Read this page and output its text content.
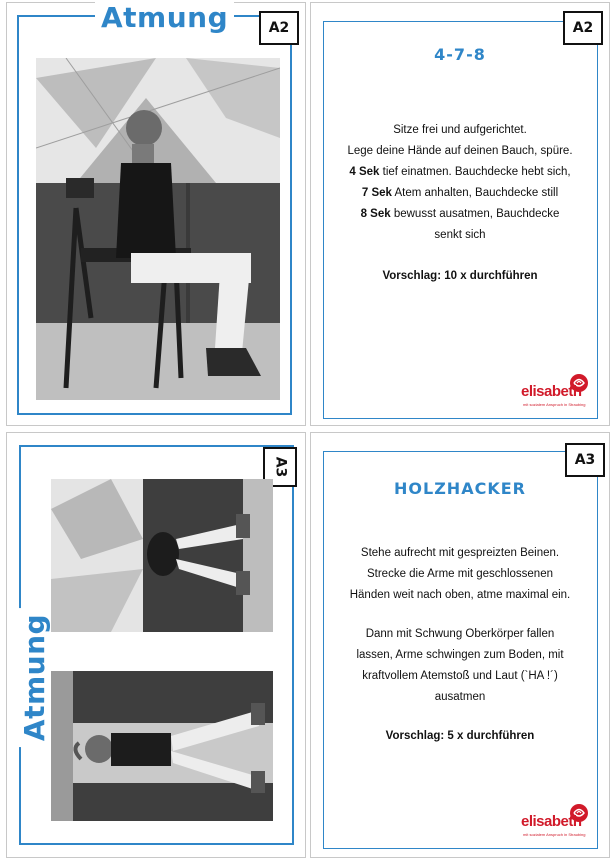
Atmung	A2	A2
4-7-8
Sitze frei und aufgerichtet.
Lege deine Hände auf deinen Bauch, spüre.
4 Sek tief einatmen. Bauchdecke hebt sich,
7 Sek Atem anhalten, Bauchdecke still
8 Sek bewusst ausatmen, Bauchdecke
senkt sich
Vorschlag: 10 x durchführen
elisabeth
mit sozialem Anspruch in Straubing
Atmung
A3	A3
HOLZHACKER
Stehe aufrecht mit gespreizten Beinen.
Strecke die Arme mit geschlossenen
Händen weit nach oben, atme maximal ein.
Dann mit Schwung Oberkörper fallen
lassen, Arme schwingen zum Boden, mit
kraftvollem Atemstoß und Laut (`HA !´)
ausatmen
Vorschlag: 5 x durchführen
elisabeth
mit sozialem Anspruch in Straubing
